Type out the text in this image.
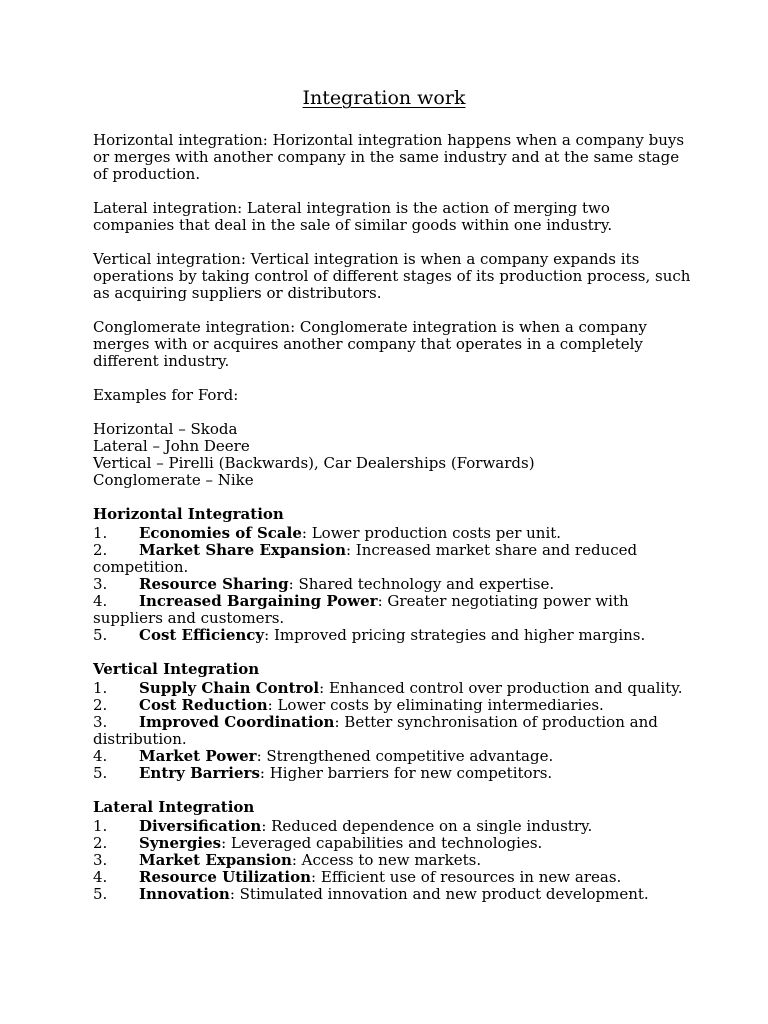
Integration work
Horizontal integration: Horizontal integration happens when a company buys or merges with another company in the same industry and at the same stage of production.
Lateral integration: Lateral integration is the action of merging two companies that deal in the sale of similar goods within one industry.
Vertical integration: Vertical integration is when a company expands its operations by taking control of different stages of its production process, such as acquiring suppliers or distributors.
Conglomerate integration: Conglomerate integration is when a company merges with or acquires another company that operates in a completely different industry.
Examples for Ford:
Horizontal – Skoda
Lateral – John Deere
Vertical – Pirelli (Backwards), Car Dealerships (Forwards)
Conglomerate – Nike
Horizontal Integration
1. Economies of Scale: Lower production costs per unit.
2. Market Share Expansion: Increased market share and reduced competition.
3. Resource Sharing: Shared technology and expertise.
4. Increased Bargaining Power: Greater negotiating power with suppliers and customers.
5. Cost Efficiency: Improved pricing strategies and higher margins.
Vertical Integration
1. Supply Chain Control: Enhanced control over production and quality.
2. Cost Reduction: Lower costs by eliminating intermediaries.
3. Improved Coordination: Better synchronisation of production and distribution.
4. Market Power: Strengthened competitive advantage.
5. Entry Barriers: Higher barriers for new competitors.
Lateral Integration
1. Diversification: Reduced dependence on a single industry.
2. Synergies: Leveraged capabilities and technologies.
3. Market Expansion: Access to new markets.
4. Resource Utilization: Efficient use of resources in new areas.
5. Innovation: Stimulated innovation and new product development.
